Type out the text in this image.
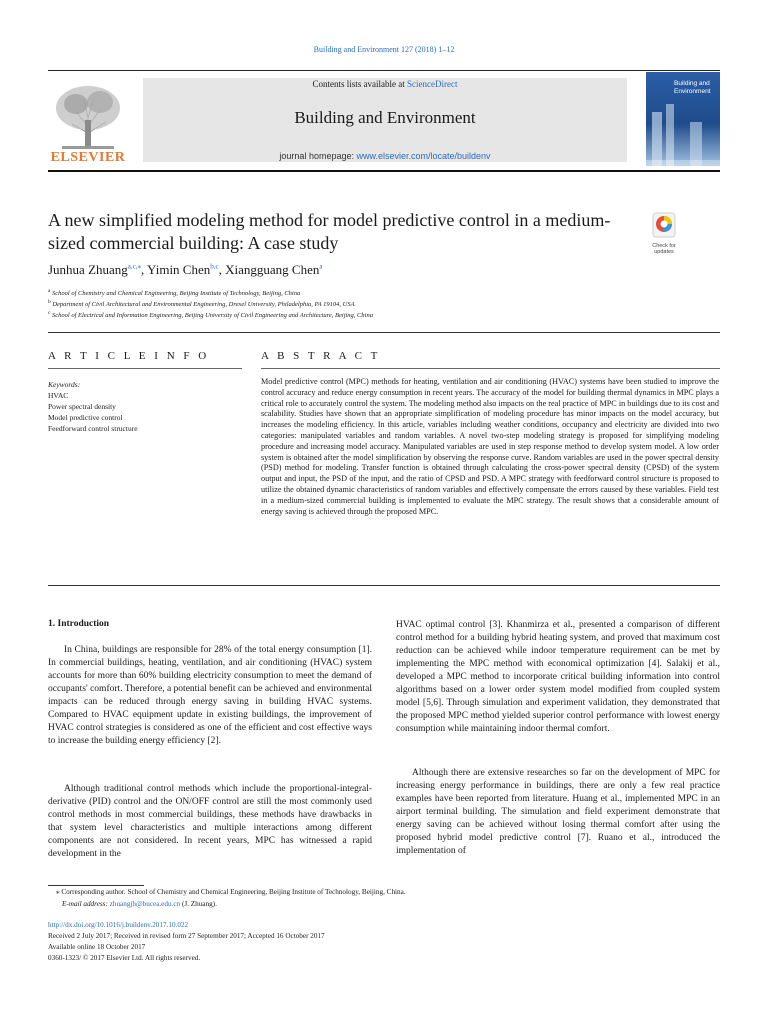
Building and Environment 127 (2018) 1–12
ELSEVIER
Contents lists available at ScienceDirect
Building and Environment
journal homepage: www.elsevier.com/locate/buildenv
Building and Environment
A new simplified modeling method for model predictive control in a medium-sized commercial building: A case study	Check for updates
Junhua Zhuang$^{a,c,⁎}$, Yimin Chen$^{b,c}$, Xiangguang Chen$^a$
$^a$ School of Chemistry and Chemical Engineering, Beijing Institute of Technology, Beijing, China
$^b$ Department of Civil Architectural and Environmental Engineering, Drexel University, Philadelphia, PA 19104, USA
$^c$ School of Electrical and Information Engineering, Beijing University of Civil Engineering and Architecture, Beijing, China
A R T I C L E I N F O
Keywords:
HVAC
Power spectral density
Model predictive control
Feedforward control structure
A B S T R A C T
Model predictive control (MPC) methods for heating, ventilation and air conditioning (HVAC) systems have been studied to improve the control accuracy and reduce energy consumption in recent years. The accuracy of the model for building thermal dynamics in MPC plays a critical role to accurately control the system. The modeling method also impacts on the real practice of MPC in buildings due to its cost and scalability. Studies have shown that an appropriate simplification of modeling procedure has minor impacts on the model accuracy, but increases the modeling efficiency. In this article, variables including weather conditions, occupancy and electricity are divided into two categories: manipulated variables and random variables. A novel two-step modeling strategy is proposed for simplifying modeling procedure and increasing model accuracy. Manipulated variables are used in step response method to develop system model. A low order system is obtained after the model simplification by observing the response curve. Random variables are used in the power spectral density (PSD) method for modeling. Transfer function is obtained through calculating the cross-power spectral density (CPSD) of the system output and input, the PSD of the input, and the ratio of CPSD and PSD. A MPC strategy with feedforward control structure is proposed to utilize the obtained dynamic characteristics of random variables and effectively compensate the errors caused by these variables. Field test in a medium-sized commercial building is implemented to evaluate the MPC strategy. The result shows that a considerable amount of energy saving is achieved through the proposed MPC.
1. Introduction
In China, buildings are responsible for 28% of the total energy consumption [1]. In commercial buildings, heating, ventilation, and air conditioning (HVAC) system accounts for more than 60% building electricity consumption to meet the demand of occupants' comfort. Therefore, a potential benefit can be achieved and environmental impacts can be reduced through energy saving in building HVAC systems. Compared to HVAC equipment update in existing buildings, the improvement of HVAC control strategies is considered as one of the efficient and cost effective ways to increase the building energy efficiency [2].
Although traditional control methods which include the proportional-integral-derivative (PID) control and the ON/OFF control are still the most commonly used control methods in most commercial buildings, these methods have drawbacks in that system level characteristics and multiple interactions among different components are not considered. In recent years, MPC has witnessed a rapid development in the
HVAC optimal control [3]. Khanmirza et al., presented a comparison of different control method for a building hybrid heating system, and proved that maximum cost reduction can be achieved while indoor temperature requirement can be met by implementing the MPC method with economical optimization [4]. Salakij et al., developed a MPC method to incorporate critical building information into control algorithms based on a lower order system model modified from coupled system model [5,6]. Through simulation and experiment validation, they demonstrated that the proposed MPC method yielded superior control performance with lowest energy consumption while maintaining indoor thermal comfort.
Although there are extensive researches so far on the development of MPC for increasing energy performance in buildings, there are only a few real practice examples have been reported from literature. Huang et al., implemented MPC in an airport terminal building. The simulation and field experiment demonstrate that energy saving can be achieved without losing thermal comfort after using the proposed hybrid model predictive control [7]. Ruano et al., introduced the implementation of
⁎ Corresponding author. School of Chemistry and Chemical Engineering, Beijing Institute of Technology, Beijing, China.
E-mail address: zhuangjh@bucea.edu.cn (J. Zhuang).
http://dx.doi.org/10.1016/j.buildenv.2017.10.022
Received 2 July 2017; Received in revised form 27 September 2017; Accepted 16 October 2017
Available online 18 October 2017
0360-1323/ © 2017 Elsevier Ltd. All rights reserved.
